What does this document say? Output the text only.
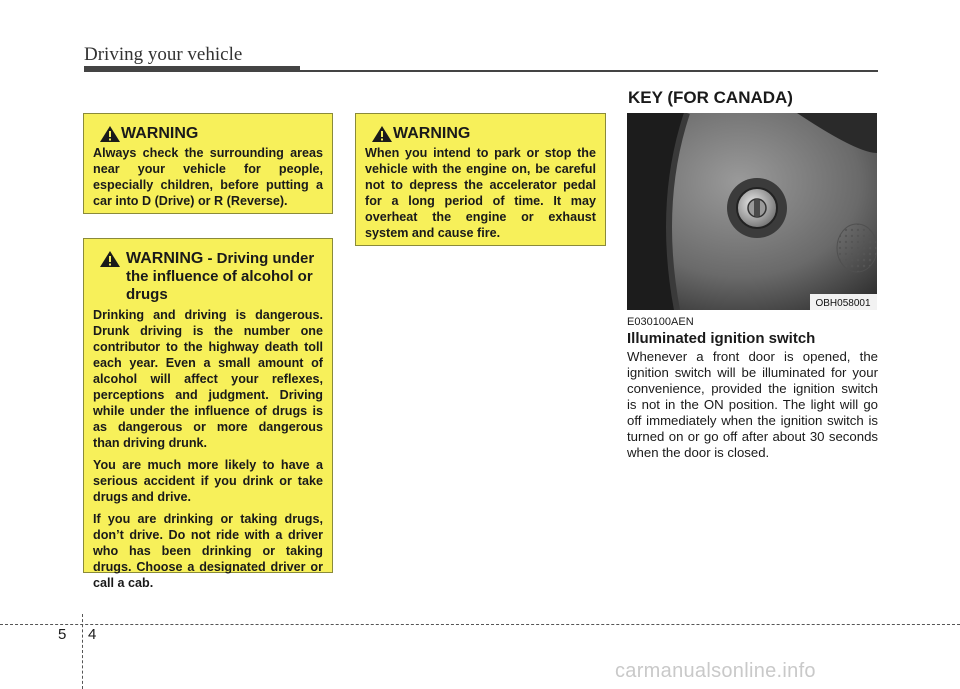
Driving your vehicle
WARNING

Always check the surrounding areas near your vehicle for people, especially children, before putting a car into D (Drive) or R (Reverse).

WARNING - Driving under the influence of alcohol or drugs

Drinking and driving is dangerous. Drunk driving is the number one contributor to the highway death toll each year. Even a small amount of alcohol will affect your reflexes, perceptions and judgment. Driving while under the influence of drugs is as dangerous or more dangerous than driving drunk.

You are much more likely to have a serious accident if you drink or take drugs and drive.

If you are drinking or taking drugs, don’t drive. Do not ride with a driver who has been drinking or taking drugs. Choose a designated driver or call a cab.

WARNING

When you intend to park or stop the vehicle with the engine on, be careful not to depress the accelerator pedal for a long period of time. It may overheat the engine or exhaust system and cause fire.

KEY (FOR CANADA)
OBH058001
E030100AEN
Illuminated ignition switch

Whenever a front door is opened, the ignition switch will be illuminated for your convenience, provided the ignition switch is not in the ON position. The light will go off immediately when the ignition switch is turned on or go off after about 30 seconds when the door is closed.

5 4
carmanualsonline.info
